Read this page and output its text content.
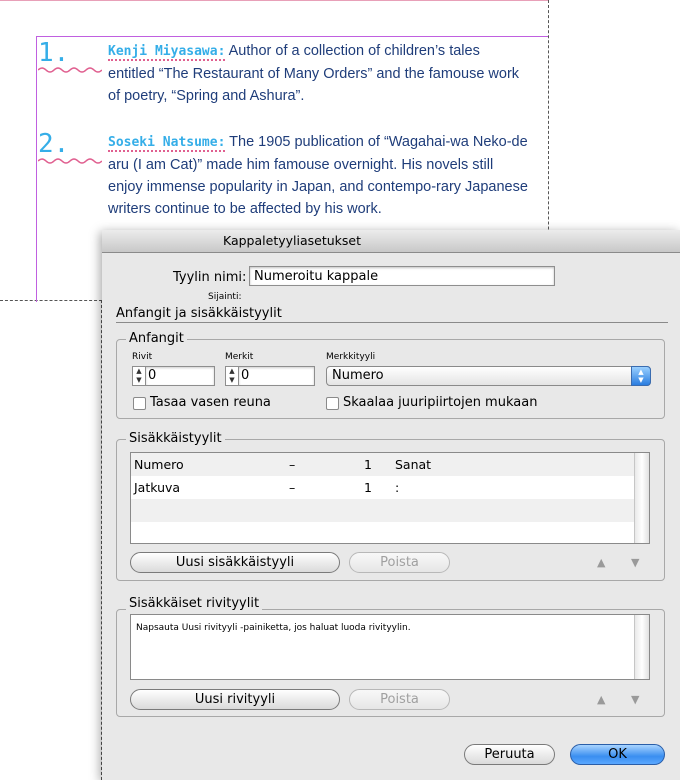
1.	Kenji Miyasawa: Author of a collection of children’s tales entitled “The Restaurant of Many Orders” and the famouse work of poetry, “Spring and Ashura”.
2.	Soseki Natsume: The 1905 publication of “Wagahai-wa Neko-de aru (I am Cat)” made him famouse overnight. His novels still enjoy immense popularity in Japan, and contempo-rary Japanese writers continue to be affected by his work.
Kappaletyyliasetukset
Tyylin nimi: Numeroitu kappale
Sijainti:
Anfangit ja sisäkkäistyylit
Anfangit
Rivit
▲
▼ 0
Merkit
▲
▼ 0
Merkkityyli
Numero	▲
▼
Tasaa vasen reuna	Skaalaa juuripiirtojen mukaan
Sisäkkäistyylit
Numero	–	1 Sanat
Jatkuva	–	1 :
Uusi sisäkkäistyyli	Poista	▲ ▼
Sisäkkäiset rivityylit
Napsauta Uusi rivityyli -painiketta, jos haluat luoda rivityylin.
Uusi rivityyli	Poista	▲ ▼
Peruuta	OK
